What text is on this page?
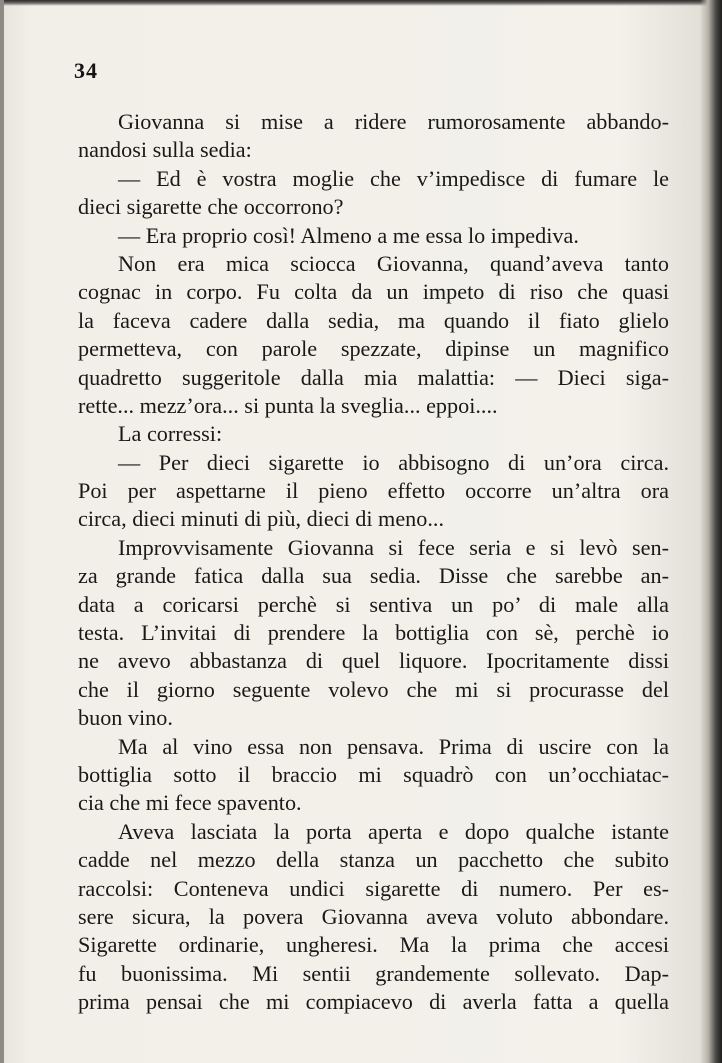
34
Giovanna si mise a ridere rumorosamente abbando-
nandosi sulla sedia:
— Ed è vostra moglie che v’impedisce di fumare le
dieci sigarette che occorrono?
— Era proprio così! Almeno a me essa lo impediva.
Non era mica sciocca Giovanna, quand’aveva tanto
cognac in corpo. Fu colta da un impeto di riso che quasi
la faceva cadere dalla sedia, ma quando il fiato glielo
permetteva, con parole spezzate, dipinse un magnifico
quadretto suggeritole dalla mia malattia: — Dieci siga-
rette... mezz’ora... si punta la sveglia... eppoi....
La corressi:
— Per dieci sigarette io abbisogno di un’ora circa.
Poi per aspettarne il pieno effetto occorre un’altra ora
circa, dieci minuti di più, dieci di meno...
Improvvisamente Giovanna si fece seria e si levò sen-
za grande fatica dalla sua sedia. Disse che sarebbe an-
data a coricarsi perchè si sentiva un po’ di male alla
testa. L’invitai di prendere la bottiglia con sè, perchè io
ne avevo abbastanza di quel liquore. Ipocritamente dissi
che il giorno seguente volevo che mi si procurasse del
buon vino.
Ma al vino essa non pensava. Prima di uscire con la
bottiglia sotto il braccio mi squadrò con un’occhiatac-
cia che mi fece spavento.
Aveva lasciata la porta aperta e dopo qualche istante
cadde nel mezzo della stanza un pacchetto che subito
raccolsi: Conteneva undici sigarette di numero. Per es-
sere sicura, la povera Giovanna aveva voluto abbondare.
Sigarette ordinarie, ungheresi. Ma la prima che accesi
fu buonissima. Mi sentii grandemente sollevato. Dap-
prima pensai che mi compiacevo di averla fatta a quella
